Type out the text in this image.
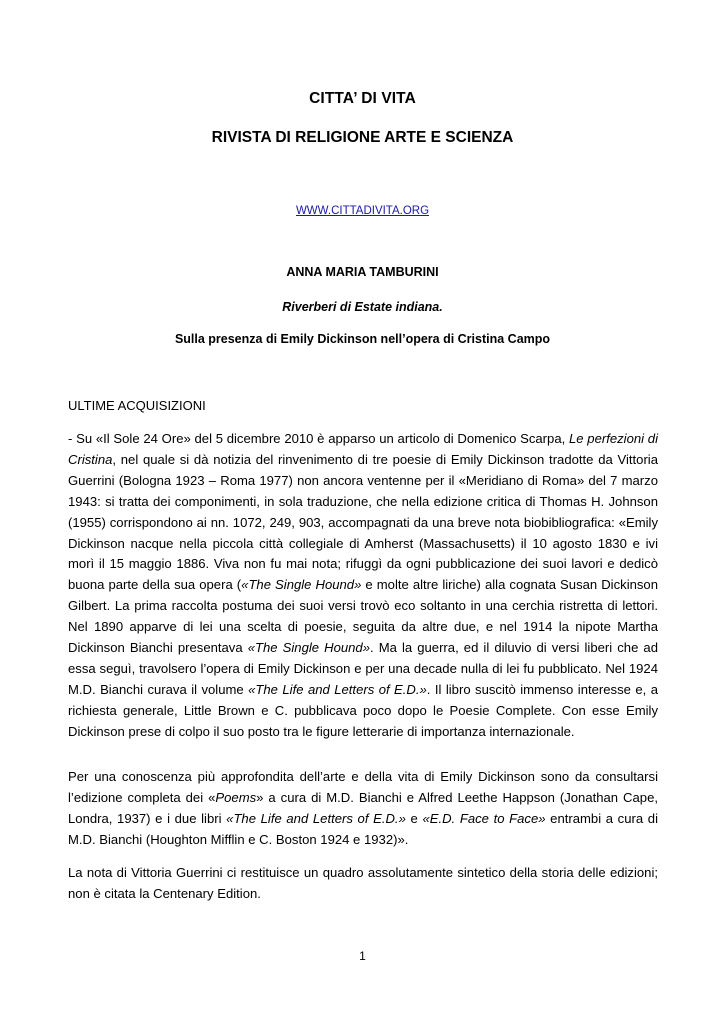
CITTA’ DI VITA
RIVISTA DI RELIGIONE ARTE E SCIENZA
WWW.CITTADIVITA.ORG
ANNA MARIA TAMBURINI
Riverberi di Estate indiana.
Sulla presenza di Emily Dickinson nell’opera di Cristina Campo
ULTIME ACQUISIZIONI

- Su «Il Sole 24 Ore» del 5 dicembre 2010 è apparso un articolo di Domenico Scarpa, Le perfezioni di Cristina, nel quale si dà notizia del rinvenimento di tre poesie di Emily Dickinson tradotte da Vittoria Guerrini (Bologna 1923 – Roma 1977) non ancora ventenne per il «Meridiano di Roma» del 7 marzo 1943: si tratta dei componimenti, in sola traduzione, che nella edizione critica di Thomas H. Johnson (1955) corrispondono ai nn. 1072, 249, 903, accompagnati da una breve nota biobibliografica: «Emily Dickinson nacque nella piccola città collegiale di Amherst (Massachusetts) il 10 agosto 1830 e ivi morì il 15 maggio 1886. Viva non fu mai nota; rifuggì da ogni pubblicazione dei suoi lavori e dedicò buona parte della sua opera («The Single Hound» e molte altre liriche) alla cognata Susan Dickinson Gilbert. La prima raccolta postuma dei suoi versi trovò eco soltanto in una cerchia ristretta di lettori. Nel 1890 apparve di lei una scelta di poesie, seguita da altre due, e nel 1914 la nipote Martha Dickinson Bianchi presentava «The Single Hound». Ma la guerra, ed il diluvio di versi liberi che ad essa seguì, travolsero l’opera di Emily Dickinson e per una decade nulla di lei fu pubblicato. Nel 1924 M.D. Bianchi curava il volume «The Life and Letters of E.D.». Il libro suscitò immenso interesse e, a richiesta generale, Little Brown e C. pubblicava poco dopo le Poesie Complete. Con esse Emily Dickinson prese di colpo il suo posto tra le figure letterarie di importanza internazionale.

Per una conoscenza più approfondita dell’arte e della vita di Emily Dickinson sono da consultarsi l’edizione completa dei «Poems» a cura di M.D. Bianchi e Alfred Leethe Happson (Jonathan Cape, Londra, 1937) e i due libri «The Life and Letters of E.D.» e «E.D. Face to Face» entrambi a cura di M.D. Bianchi (Houghton Mifflin e C. Boston 1924 e 1932)».

La nota di Vittoria Guerrini ci restituisce un quadro assolutamente sintetico della storia delle edizioni; non è citata la Centenary Edition.

1
